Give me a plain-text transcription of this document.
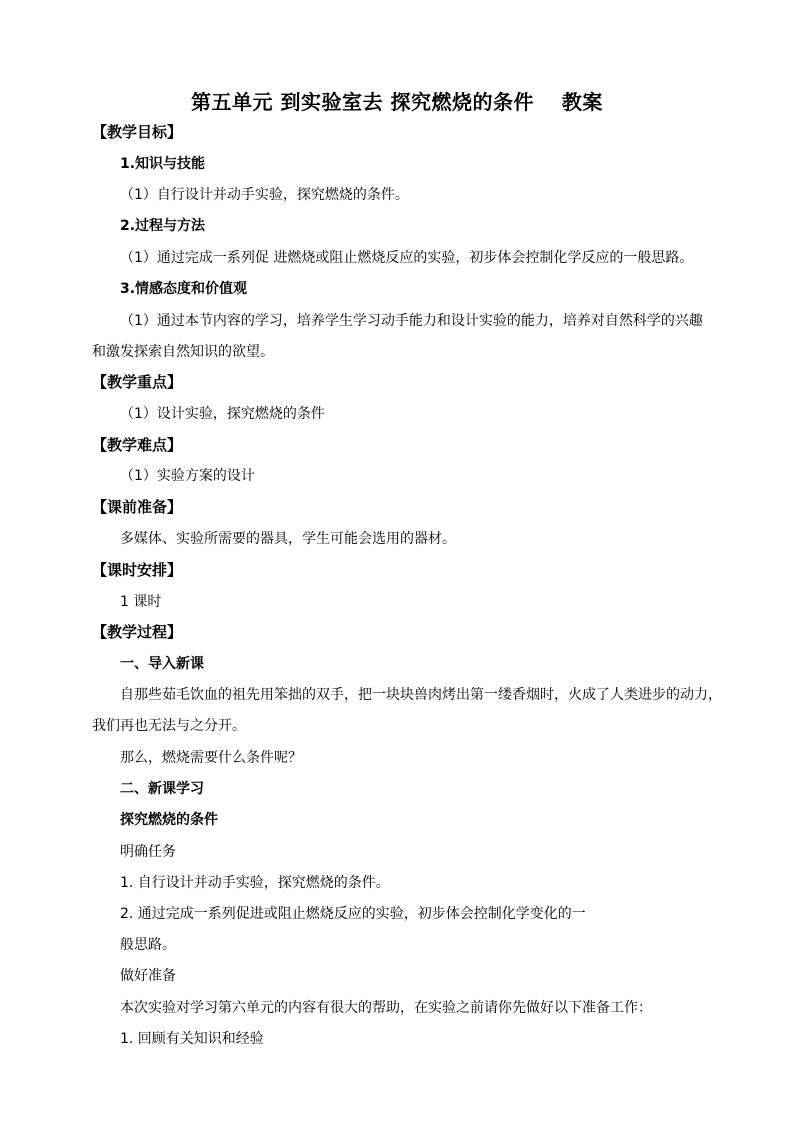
第五单元 到实验室去 探究燃烧的条件　 教案
【教学目标】
1.知识与技能
（1）自行设计并动手实验，探究燃烧的条件。
2.过程与方法
（1）通过完成一系列促 进燃烧或阻止燃烧反应的实验，初步体会控制化学反应的一般思路。
3.情感态度和价值观
（1）通过本节内容的学习，培养学生学习动手能力和设计实验的能力，培养对自然科学的兴趣
和激发探索自然知识的欲望。
【教学重点】
（1）设计实验，探究燃烧的条件
【教学难点】
（1）实验方案的设计
【课前准备】
多媒体、实验所需要的器具，学生可能会选用的器材。
【课时安排】
1 课时
【教学过程】
一、导入新课
自那些茹毛饮血的祖先用笨拙的双手，把一块块兽肉烤出第一缕香烟时，火成了人类进步的动力，
我们再也无法与之分开。
那么，燃烧需要什么条件呢？
二、新课学习
探究燃烧的条件
明确任务
1. 自行设计并动手实验，探究燃烧的条件。
2. 通过完成一系列促进或阻止燃烧反应的实验，初步体会控制化学变化的一
般思路。
做好准备
本次实验对学习第六单元的内容有很大的帮助，在实验之前请你先做好以下准备工作：
1. 回顾有关知识和经验
